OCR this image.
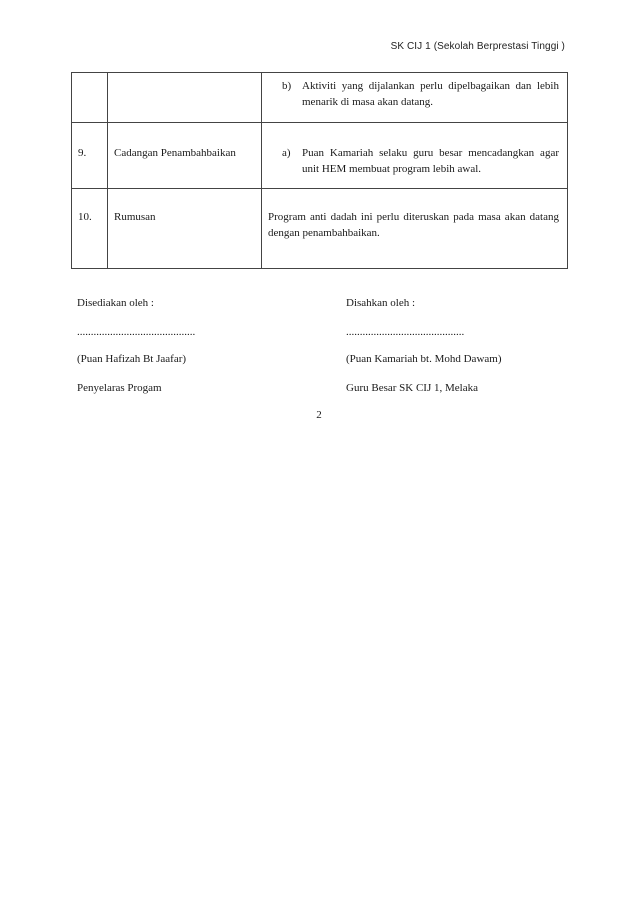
SK CIJ 1 (Sekolah Berprestasi Tinggi )

		b) Aktiviti yang dijalankan perlu dipelbagaikan dan lebih menarik di masa akan datang.

9.	Cadangan Penambahbaikan	a) Puan Kamariah selaku guru besar mencadangkan agar unit HEM membuat program lebih awal.

10.	Rumusan	Program anti dadah ini perlu diteruskan pada masa akan datang dengan penambahbaikan.
Disediakan oleh :
...........................................
(Puan Hafizah Bt Jaafar)
Penyelaras Progam
Disahkan oleh :
...........................................
(Puan Kamariah bt. Mohd Dawam)
Guru Besar SK CIJ 1, Melaka
2
